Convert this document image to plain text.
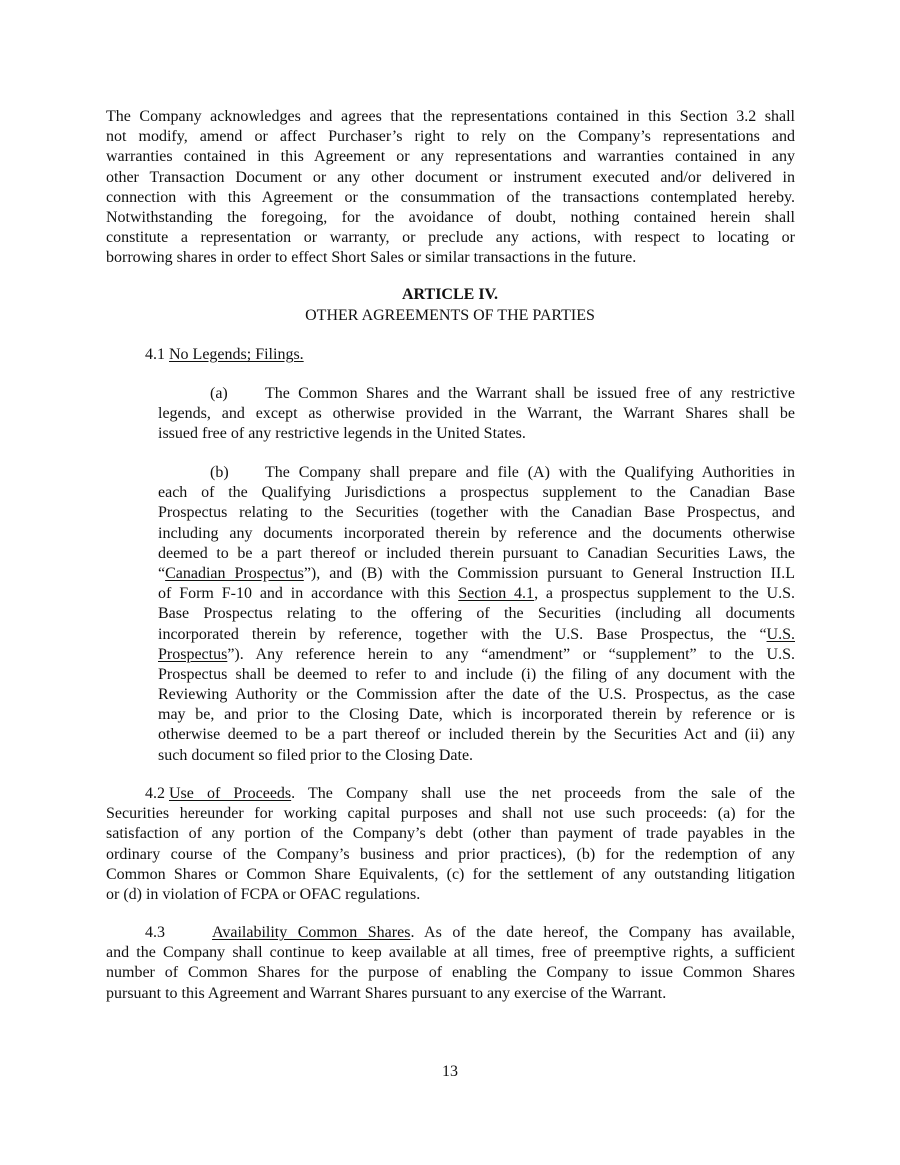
The Company acknowledges and agrees that the representations contained in this Section 3.2 shall
not modify, amend or affect Purchaser’s right to rely on the Company’s representations and
warranties contained in this Agreement or any representations and warranties contained in any
other Transaction Document or any other document or instrument executed and/or delivered in
connection with this Agreement or the consummation of the transactions contemplated hereby.
Notwithstanding the foregoing, for the avoidance of doubt, nothing contained herein shall
constitute a representation or warranty, or preclude any actions, with respect to locating or
borrowing shares in order to effect Short Sales or similar transactions in the future.
ARTICLE IV.
OTHER AGREEMENTS OF THE PARTIES
4.1 No Legends; Filings.
(a)	The Common Shares and the Warrant shall be issued free of any restrictive
legends, and except as otherwise provided in the Warrant, the Warrant Shares shall be
issued free of any restrictive legends in the United States.
(b)	The Company shall prepare and file (A) with the Qualifying Authorities in
each of the Qualifying Jurisdictions a prospectus supplement to the Canadian Base
Prospectus relating to the Securities (together with the Canadian Base Prospectus, and
including any documents incorporated therein by reference and the documents otherwise
deemed to be a part thereof or included therein pursuant to Canadian Securities Laws, the
“Canadian Prospectus”), and (B) with the Commission pursuant to General Instruction II.L
of Form F-10 and in accordance with this Section 4.1, a prospectus supplement to the U.S.
Base Prospectus relating to the offering of the Securities (including all documents
incorporated therein by reference, together with the U.S. Base Prospectus, the “U.S.
Prospectus”). Any reference herein to any “amendment” or “supplement” to the U.S.
Prospectus shall be deemed to refer to and include (i) the filing of any document with the
Reviewing Authority or the Commission after the date of the U.S. Prospectus, as the case
may be, and prior to the Closing Date, which is incorporated therein by reference or is
otherwise deemed to be a part thereof or included therein by the Securities Act and (ii) any
such document so filed prior to the Closing Date.
4.2 Use of Proceeds. The Company shall use the net proceeds from the sale of the
Securities hereunder for working capital purposes and shall not use such proceeds: (a) for the
satisfaction of any portion of the Company’s debt (other than payment of trade payables in the
ordinary course of the Company’s business and prior practices), (b) for the redemption of any
Common Shares or Common Share Equivalents, (c) for the settlement of any outstanding litigation
or (d) in violation of FCPA or OFAC regulations.
4.3	Availability Common Shares. As of the date hereof, the Company has available,
and the Company shall continue to keep available at all times, free of preemptive rights, a sufficient
number of Common Shares for the purpose of enabling the Company to issue Common Shares
pursuant to this Agreement and Warrant Shares pursuant to any exercise of the Warrant.
13
